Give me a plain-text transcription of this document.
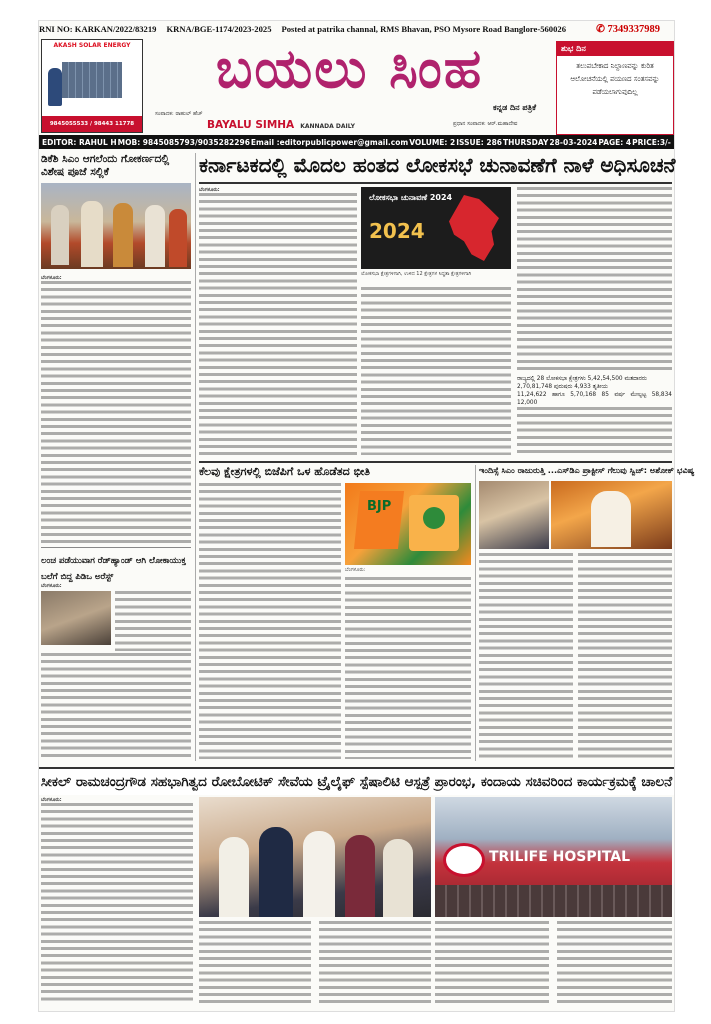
RNI NO: KARKAN/2022/83219 KRNA/BGE-1174/2023-2025 Posted at patrika channal, RMS Bhavan, PSO Mysore Road Banglore-560026	✆ 7349337989
AKASH SOLAR ENERGY
9845055533 / 98443 11778
ಬಯಲು ಸಿಂಹ
ಸಂಪಾದಕ: ರಾಹುಲ್ ಹೆಚ್
ಕನ್ನಡ ದಿನ ಪತ್ರಿಕೆ
BAYALU SIMHA KANNADA DAILY	ಪ್ರಧಾನ ಸಂಪಾದಕ: ಆರ್.ಮಹಾದೇವ
ಶುಭ ದಿನ
ತಲುಪಬೇಕಾದ ನಿಲ್ದಾಣವನ್ನು ಕುರಿತ ಆಲೋಚನೆಯಲ್ಲಿ ಪಯಣದ ಸಂತಸವನ್ನು ಪಡೆಯಲಾಗುವುದಿಲ್ಲ
EDITOR: RAHUL H MOB: 9845085793/9035282296 Email :editorpublicpower@gmail.com VOLUME: 2 ISSUE: 286 THURSDAY 28-03-2024 PAGE: 4 PRICE:3/-
ಕರ್ನಾಟಕದಲ್ಲಿ ಮೊದಲ ಹಂತದ ಲೋಕಸಭೆ ಚುನಾವಣೆಗೆ ನಾಳೆ ಅಧಿಸೂಚನೆ
ಡಿಕೆಶಿ ಸಿಎಂ ಆಗಲೆಂದು ಗೋಕರ್ಣದಲ್ಲಿ ವಿಶೇಷ ಪೂಜೆ ಸಲ್ಲಿಕೆ
ಬೆಂಗಳೂರು:
ಲಂಚ ಪಡೆಯುವಾಗ ರೆಡ್‌ಹ್ಯಾಂಡ್ ಆಗಿ ಲೋಕಾಯುಕ್ತ ಬಲೆಗೆ ಬಿದ್ದ ಪಿಡಿಒ ಅರೆಸ್ಟ್
ಬೆಂಗಳೂರು:
ಬೆಂಗಳೂರು:
ಲೋಕಸಭಾ ಚುನಾವಣೆ 2024
2024
ಲೋಕಸಭಾ ಕ್ಷೇತ್ರಗಳಿಗಾಗಿ, ಉಳಿದ 12 ಕ್ಷೇತ್ರಗಳ ಸಿದ್ಧತಾ ಕ್ಷೇತ್ರಗಳಿಗಾಗಿ
ರಾಜ್ಯದಲ್ಲಿ 28 ಲೋಕಸಭಾ ಕ್ಷೇತ್ರಗಳು 5,42,54,500 ಮತದಾರರು
2,70,81,748 ಪುರುಷರು 4,933 ತೃತೀಯ
11,24,622 ಹಾಗೂ 5,70,168 85 ವರ್ಷ ಮೇಲ್ಪಟ್ಟ 58,834 12,000
ಕೆಲವು ಕ್ಷೇತ್ರಗಳಲ್ಲಿ ಬಿಜೆಪಿಗೆ ಒಳ ಹೊಡೆತದ ಭೀತಿ
BJP
ಬೆಂಗಳೂರು:
ಇಂದಿಸ್ಸೆ ಸಿಎಂ ರಾಜುರುತ್ತಿ ...ಎಸ್‌ಡಿಎ ಪ್ರಾಕ್ಟೀಸ್ ಗೆಲುವು ಸ್ವಿಚ್: ಅಶೋಕ್ ಭವಿಷ್ಯ
ಸೀಕಲ್ ರಾಮಚಂದ್ರಗೌಡ ಸಹಭಾಗಿತ್ವದ ರೋಬೋಟಿಕ್ ಸೇವೆಯ ಟ್ರೈಲೈಫ್ ಸ್ಪೆಷಾಲಿಟಿ ಆಸ್ಪತ್ರೆ ಪ್ರಾರಂಭ, ಕಂದಾಯ ಸಚಿವರಿಂದ ಕಾರ್ಯಕ್ರಮಕ್ಕೆ ಚಾಲನೆ
ಬೆಂಗಳೂರು:
TRILIFE HOSPITAL
